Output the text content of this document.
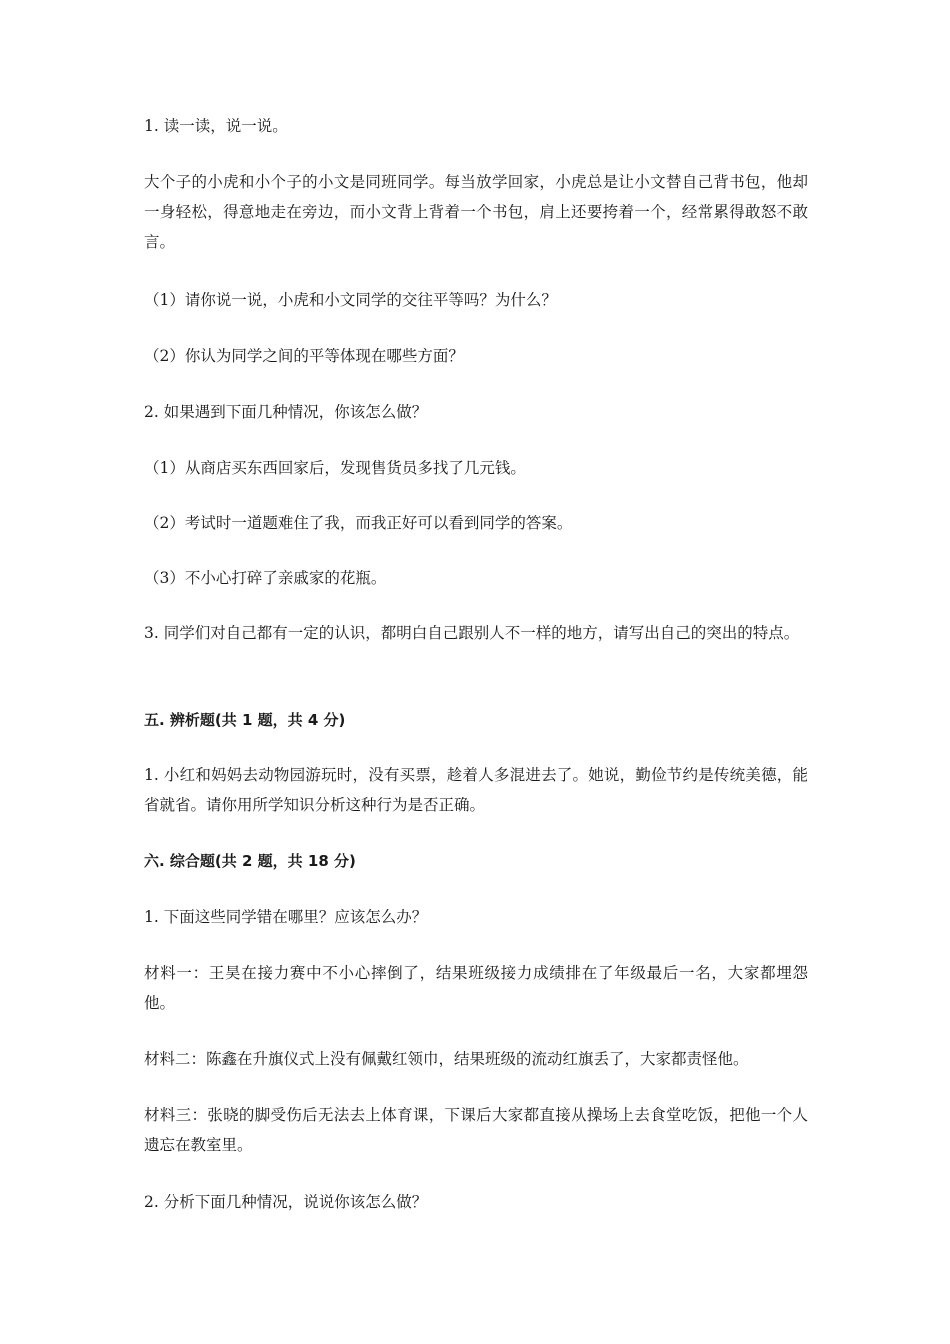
1. 读一读，说一说。
大个子的小虎和小个子的小文是同班同学。每当放学回家，小虎总是让小文替自己背书包，他却一身轻松，得意地走在旁边，而小文背上背着一个书包，肩上还要挎着一个，经常累得敢怒不敢言。
（1）请你说一说，小虎和小文同学的交往平等吗？为什么？
（2）你认为同学之间的平等体现在哪些方面？
2. 如果遇到下面几种情况，你该怎么做？
（1）从商店买东西回家后，发现售货员多找了几元钱。
（2）考试时一道题难住了我，而我正好可以看到同学的答案。
（3）不小心打碎了亲戚家的花瓶。
3. 同学们对自己都有一定的认识，都明白自己跟别人不一样的地方，请写出自己的突出的特点。
五. 辨析题(共 1 题，共 4 分)
1. 小红和妈妈去动物园游玩时，没有买票，趁着人多混进去了。她说，勤俭节约是传统美德，能省就省。请你用所学知识分析这种行为是否正确。
六. 综合题(共 2 题，共 18 分)
1. 下面这些同学错在哪里？应该怎么办？
材料一：王昊在接力赛中不小心摔倒了，结果班级接力成绩排在了年级最后一名，大家都埋怨他。
材料二：陈鑫在升旗仪式上没有佩戴红领巾，结果班级的流动红旗丢了，大家都责怪他。
材料三：张晓的脚受伤后无法去上体育课，下课后大家都直接从操场上去食堂吃饭，把他一个人遗忘在教室里。
2. 分析下面几种情况，说说你该怎么做？
